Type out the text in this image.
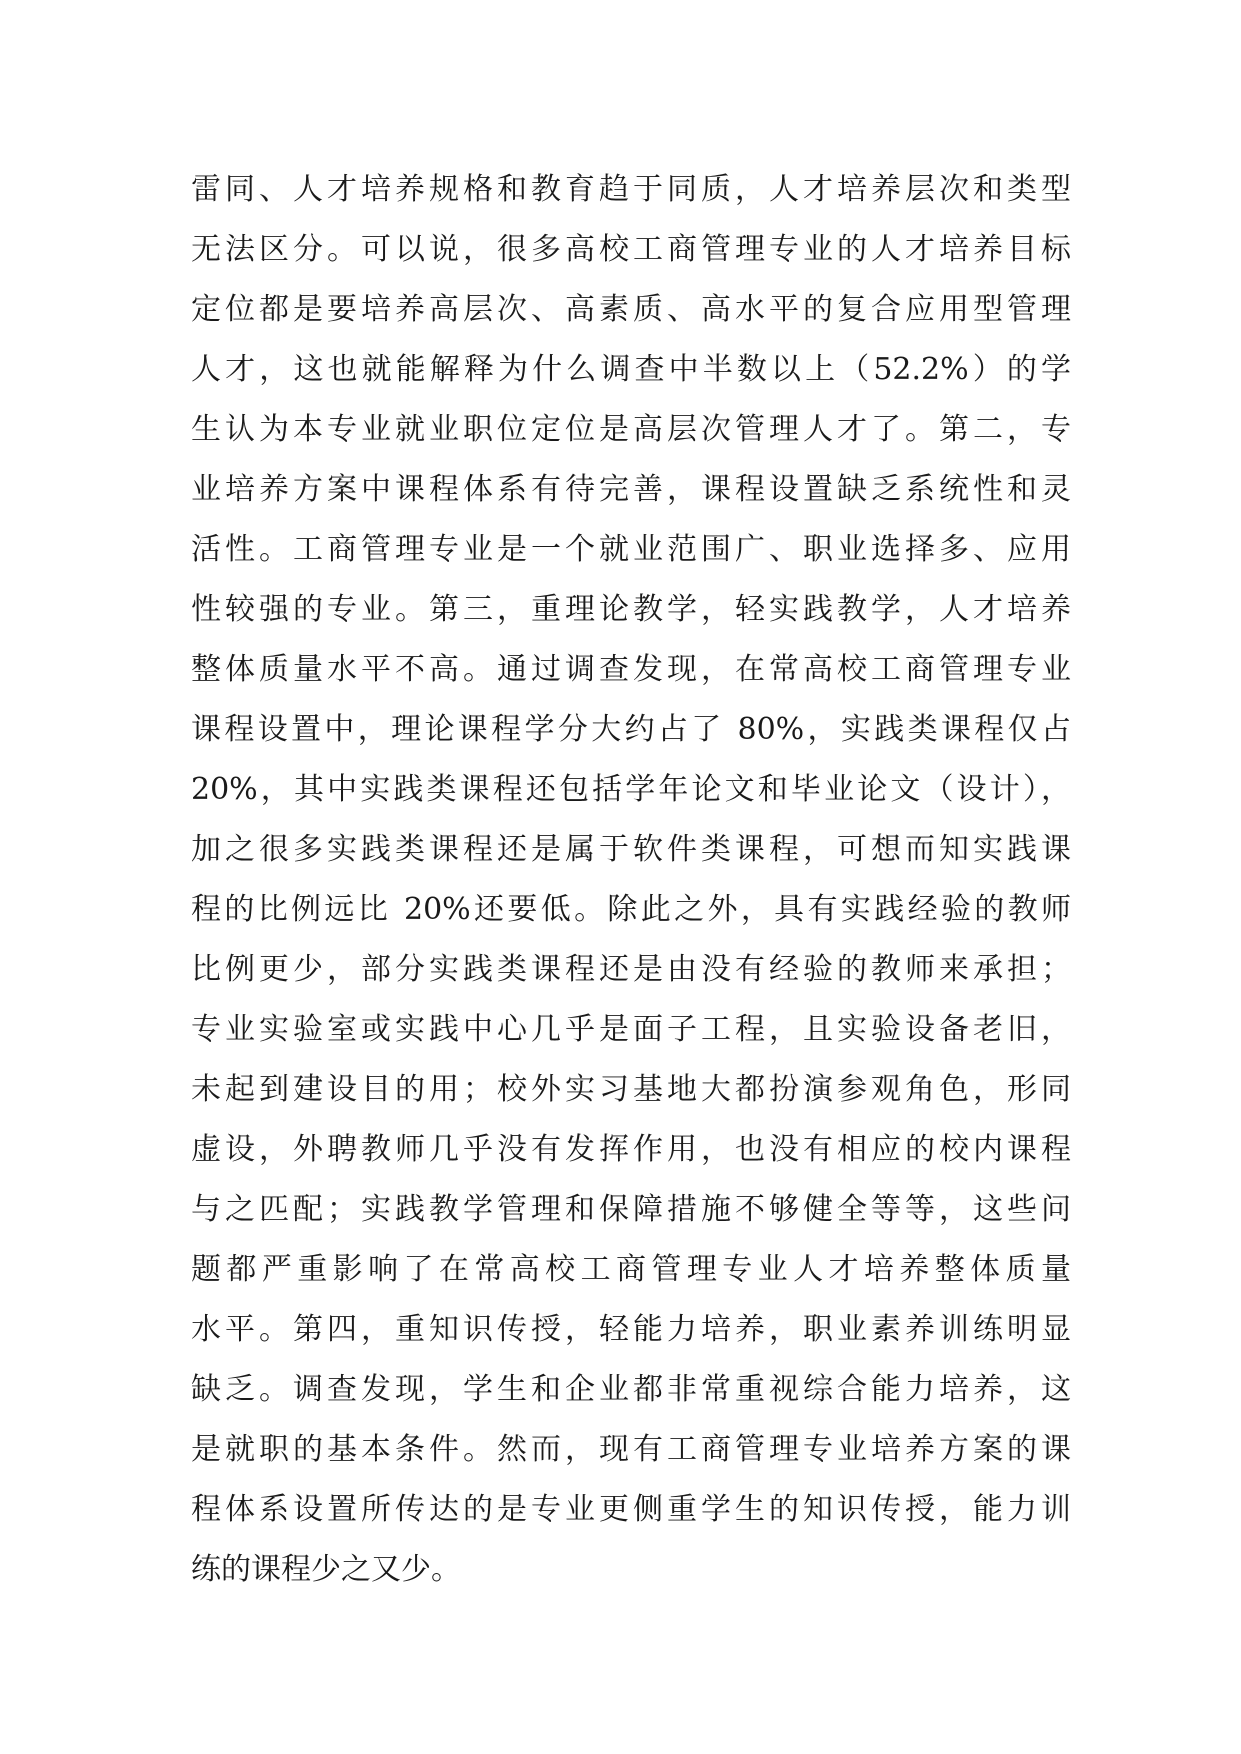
雷同、人才培养规格和教育趋于同质，人才培养层次和类型
无法区分。可以说，很多高校工商管理专业的人才培养目标
定位都是要培养高层次、高素质、高水平的复合应用型管理
人才，这也就能解释为什么调查中半数以上（52.2%）的学
生认为本专业就业职位定位是高层次管理人才了。第二，专
业培养方案中课程体系有待完善，课程设置缺乏系统性和灵
活性。工商管理专业是一个就业范围广、职业选择多、应用
性较强的专业。第三，重理论教学，轻实践教学，人才培养
整体质量水平不高。通过调查发现，在常高校工商管理专业
课程设置中，理论课程学分大约占了 80%，实践类课程仅占
20%，其中实践类课程还包括学年论文和毕业论文（设计），
加之很多实践类课程还是属于软件类课程，可想而知实践课
程的比例远比 20%还要低。除此之外，具有实践经验的教师
比例更少，部分实践类课程还是由没有经验的教师来承担；
专业实验室或实践中心几乎是面子工程，且实验设备老旧，
未起到建设目的用；校外实习基地大都扮演参观角色，形同
虚设，外聘教师几乎没有发挥作用，也没有相应的校内课程
与之匹配；实践教学管理和保障措施不够健全等等，这些问
题都严重影响了在常高校工商管理专业人才培养整体质量
水平。第四，重知识传授，轻能力培养，职业素养训练明显
缺乏。调查发现，学生和企业都非常重视综合能力培养，这
是就职的基本条件。然而，现有工商管理专业培养方案的课
程体系设置所传达的是专业更侧重学生的知识传授，能力训
练的课程少之又少。
